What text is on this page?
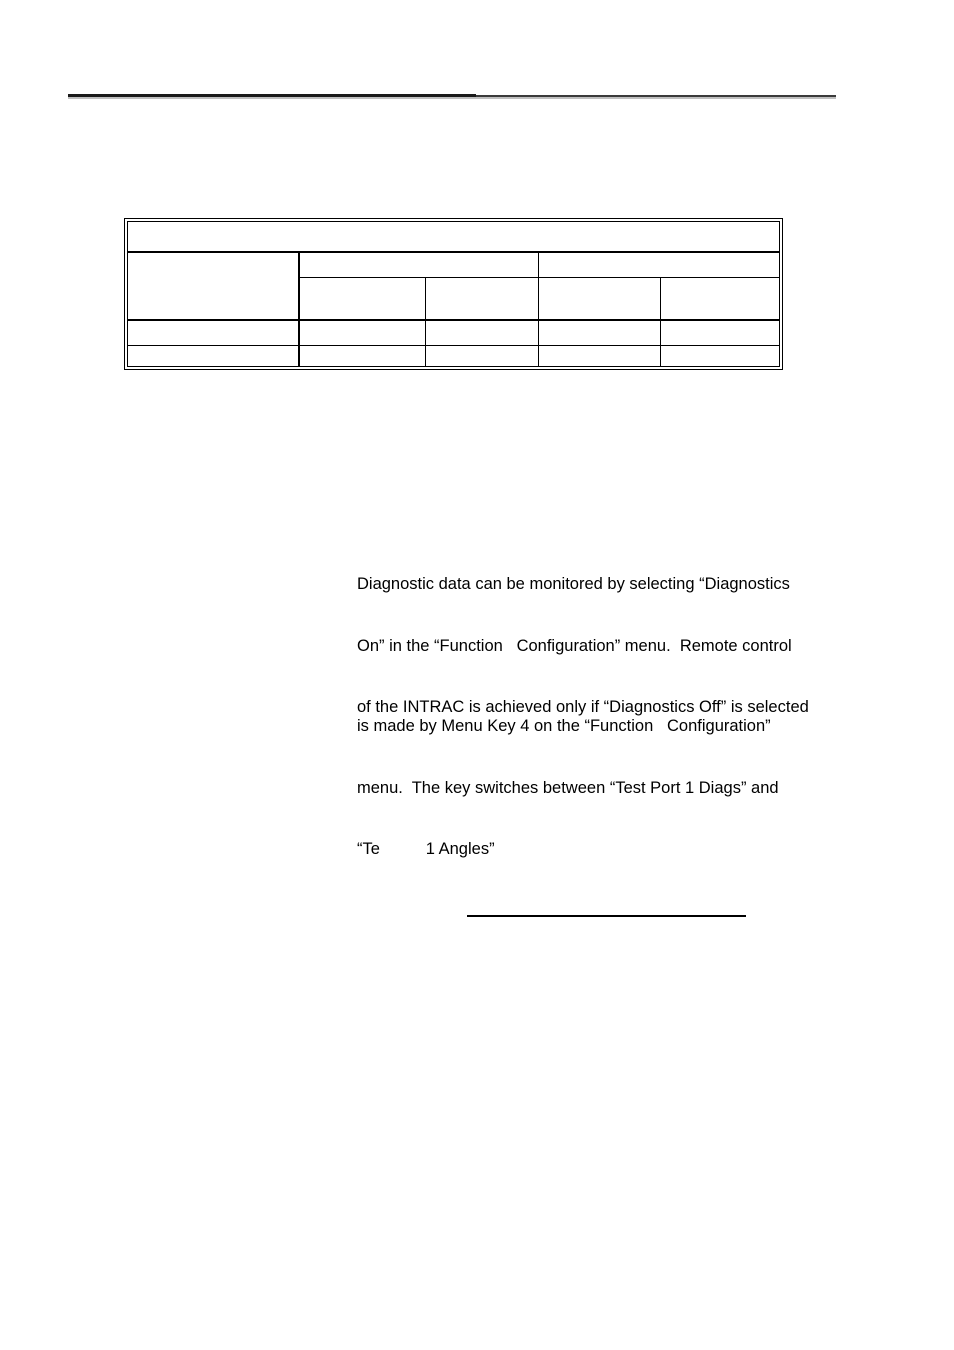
Diagnostic data can be monitored by selecting “Diagnostics

On” in the “Function   Configuration” menu.  Remote control

of the INTRAC is achieved only if “Diagnostics Off” is selected

is made by Menu Key 4 on the “Function   Configuration”

menu.  The key switches between “Test Port 1 Diags” and

“Te          1 Angles”
